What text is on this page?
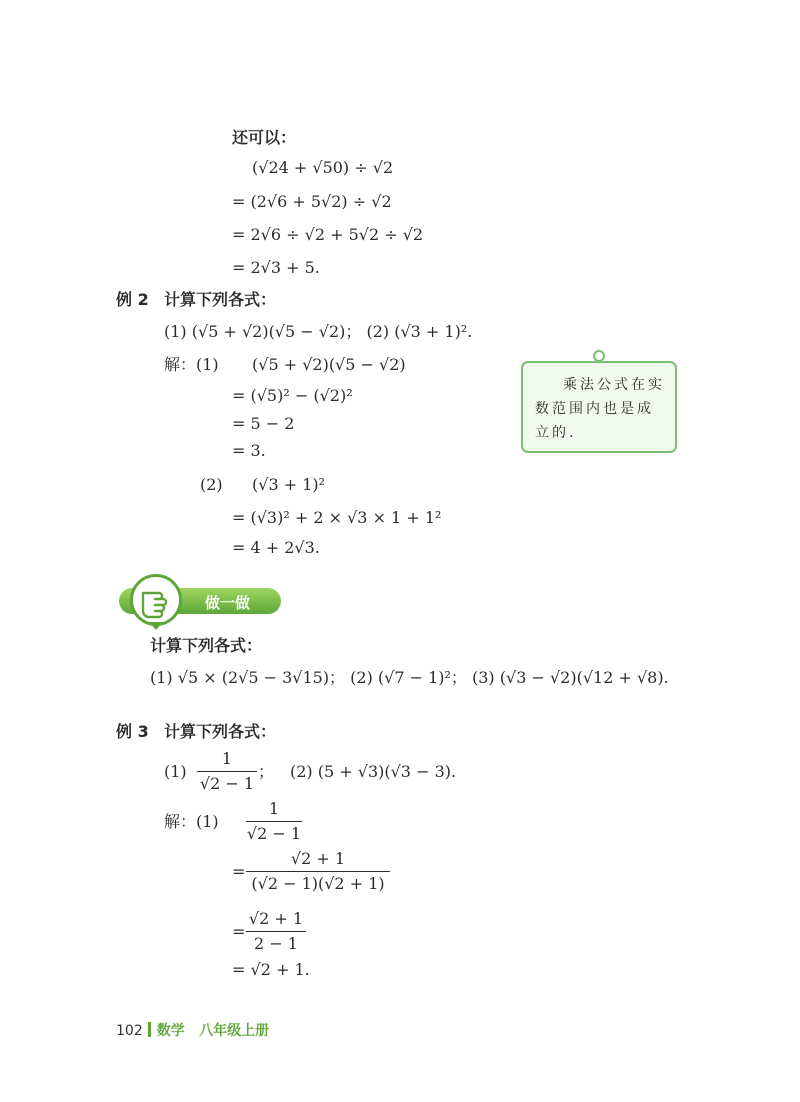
还可以：
(√24 + √50) ÷ √2
= (2√6 + 5√2) ÷ √2
= 2√6 ÷ √2 + 5√2 ÷ √2
= 2√3 + 5.
例 2 计算下列各式：
(1) (√5 + √2)(√5 − √2)； (2) (√3 + 1)².
解：(1) (√5 + √2)(√5 − √2)
= (√5)² − (√2)²
= 5 − 2
= 3.
(2) (√3 + 1)²
= (√3)² + 2 × √3 × 1 + 1²
= 4 + 2√3.
乘法公式在实数范围内也是成立的.
做一做
计算下列各式：
(1) √5 × (2√5 − 3√15)； (2) (√7 − 1)²； (3) (√3 − √2)(√12 + √8).
例 3 计算下列各式：
(1)
1
√2 − 1
； (2) (5 + √3)(√3 − 3).
解：(1)
1
√2 − 1
=
√2 + 1
(√2 − 1)(√2 + 1)
=
√2 + 1
2 − 1
= √2 + 1.
102 数学 八年级上册
